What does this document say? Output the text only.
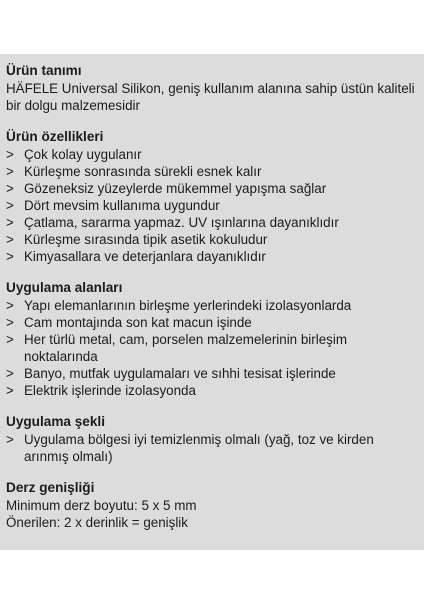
Ürün tanımı
HÄFELE Universal Silikon, geniş kullanım alanına sahip üstün kaliteli bir dolgu malzemesidir
Ürün özellikleri
> Çok kolay uygulanır
> Kürleşme sonrasında sürekli esnek kalır
> Gözeneksiz yüzeylerde mükemmel yapışma sağlar
> Dört mevsim kullanıma uygundur
> Çatlama, sararma yapmaz. UV ışınlarına dayanıklıdır
> Kürleşme sırasında tipik asetik kokuludur
> Kimyasallara ve deterjanlara dayanıklıdır
Uygulama alanları
> Yapı elemanlarının birleşme yerlerindeki izolasyonlarda
> Cam montajında son kat macun işinde
> Her türlü metal, cam, porselen malzemelerinin birleşim noktalarında
> Banyo, mutfak uygulamaları ve sıhhi tesisat işlerinde
> Elektrik işlerinde izolasyonda
Uygulama şekli
> Uygulama bölgesi iyi temizlenmiş olmalı (yağ, toz ve kirden arınmış olmalı)
Derz genişliği
Minimum derz boyutu: 5 x 5 mm
Önerilen: 2 x derinlik = genişlik
